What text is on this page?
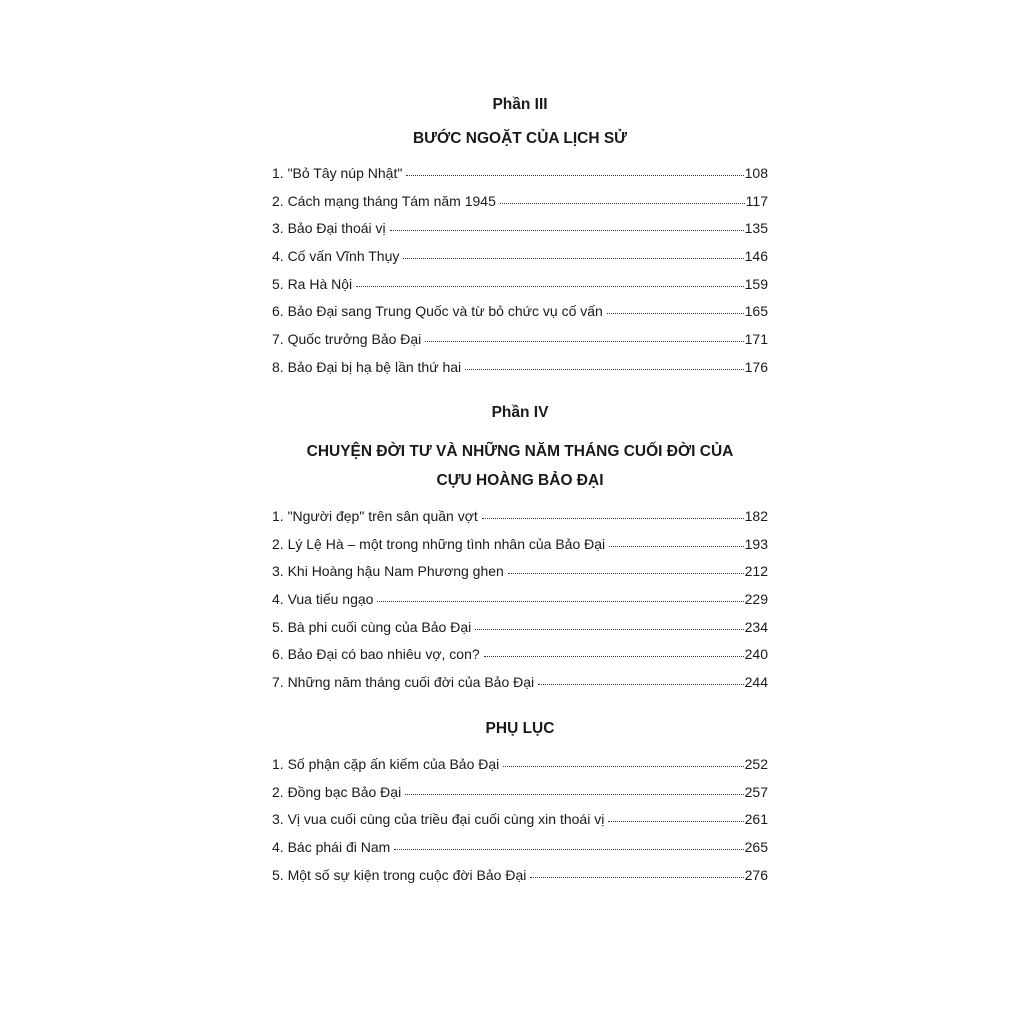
Phần III
BƯỚC NGOẶT CỦA LỊCH SỬ
1. "Bỏ Tây núp Nhật"	108
2. Cách mạng tháng Tám năm 1945	117
3. Bảo Đại thoái vị	135
4. Cố vấn Vĩnh Thụy	146
5. Ra Hà Nội	159
6. Bảo Đại sang Trung Quốc và từ bỏ chức vụ cố vấn	165
7. Quốc trưởng Bảo Đại	171
8. Bảo Đại bị hạ bệ lần thứ hai	176
Phần IV
CHUYỆN ĐỜI TƯ VÀ NHỮNG NĂM THÁNG CUỐI ĐỜI CỦA
CỰU HOÀNG BẢO ĐẠI
1. "Người đẹp" trên sân quần vợt	182
2. Lý Lệ Hà – một trong những tình nhân của Bảo Đại	193
3. Khi Hoàng hậu Nam Phương ghen	212
4. Vua tiếu ngạo	229
5. Bà phi cuối cùng của Bảo Đại	234
6. Bảo Đại có bao nhiêu vợ, con?	240
7. Những năm tháng cuối đời của Bảo Đại	244
PHỤ LỤC
1. Số phận cặp ấn kiếm của Bảo Đại	252
2. Đồng bạc Bảo Đại	257
3. Vị vua cuối cùng của triều đại cuối cùng xin thoái vị	261
4. Bác phái đi Nam	265
5. Một số sự kiện trong cuộc đời Bảo Đại	276
